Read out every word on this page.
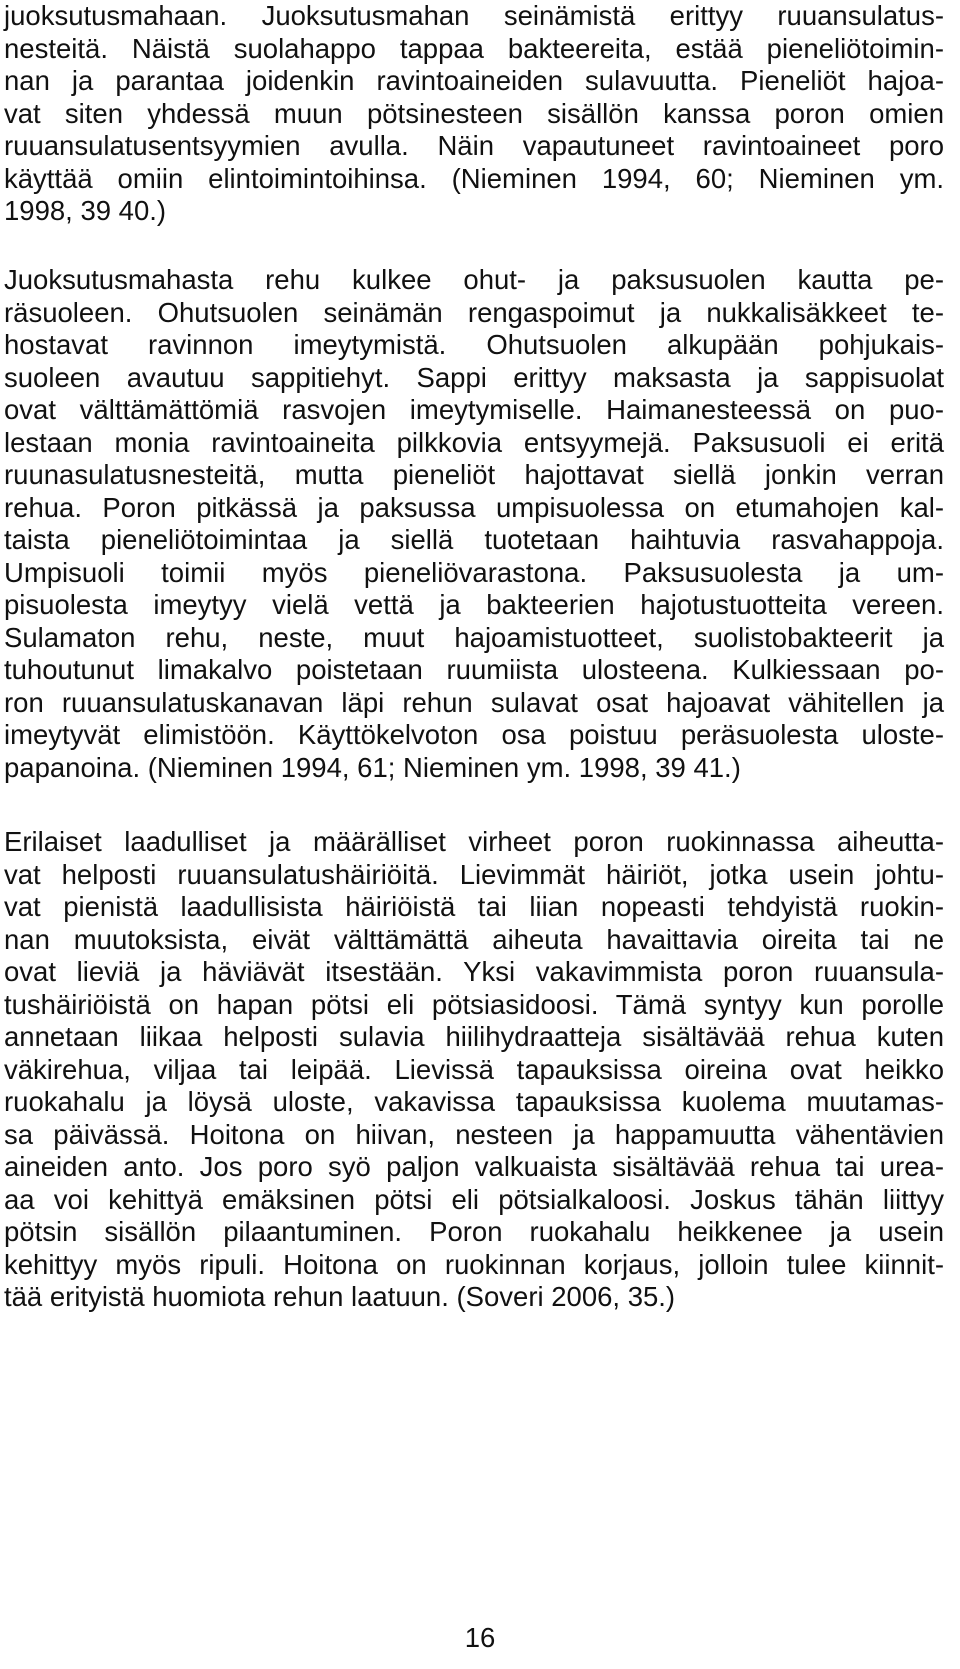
juoksutusmahaan. Juoksutusmahan seinämistä erittyy ruuansulatus-
nesteitä. Näistä suolahappo tappaa bakteereita, estää pieneliötoimin-
nan ja parantaa joidenkin ravintoaineiden sulavuutta. Pieneliöt hajoa-
vat siten yhdessä muun pötsinesteen sisällön kanssa poron omien
ruuansulatusentsyymien avulla. Näin vapautuneet ravintoaineet poro
käyttää omiin elintoimintoihinsa. (Nieminen 1994, 60; Nieminen ym.
1998, 39 40.)
Juoksutusmahasta rehu kulkee ohut- ja paksusuolen kautta pe-
räsuoleen. Ohutsuolen seinämän rengaspoimut ja nukkalisäkkeet te-
hostavat ravinnon imeytymistä. Ohutsuolen alkupään pohjukais-
suoleen avautuu sappitiehyt. Sappi erittyy maksasta ja sappisuolat
ovat välttämättömiä rasvojen imeytymiselle. Haimanesteessä on puo-
lestaan monia ravintoaineita pilkkovia entsyymejä. Paksusuoli ei eritä
ruunasulatusnesteitä, mutta pieneliöt hajottavat siellä jonkin verran
rehua. Poron pitkässä ja paksussa umpisuolessa on etumahojen kal-
taista pieneliötoimintaa ja siellä tuotetaan haihtuvia rasvahappoja.
Umpisuoli toimii myös pieneliövarastona. Paksusuolesta ja um-
pisuolesta imeytyy vielä vettä ja bakteerien hajotustuotteita vereen.
Sulamaton rehu, neste, muut hajoamistuotteet, suolistobakteerit ja
tuhoutunut limakalvo poistetaan ruumiista ulosteena. Kulkiessaan po-
ron ruuansulatuskanavan läpi rehun sulavat osat hajoavat vähitellen ja
imeytyvät elimistöön. Käyttökelvoton osa poistuu peräsuolesta uloste-
papanoina. (Nieminen 1994, 61; Nieminen ym. 1998, 39 41.)
Erilaiset laadulliset ja määrälliset virheet poron ruokinnassa aiheutta-
vat helposti ruuansulatushäiriöitä. Lievimmät häiriöt, jotka usein johtu-
vat pienistä laadullisista häiriöistä tai liian nopeasti tehdyistä ruokin-
nan muutoksista, eivät välttämättä aiheuta havaittavia oireita tai ne
ovat lieviä ja häviävät itsestään. Yksi vakavimmista poron ruuansula-
tushäiriöistä on hapan pötsi eli pötsiasidoosi. Tämä syntyy kun porolle
annetaan liikaa helposti sulavia hiilihydraatteja sisältävää rehua kuten
väkirehua, viljaa tai leipää. Lievissä tapauksissa oireina ovat heikko
ruokahalu ja löysä uloste, vakavissa tapauksissa kuolema muutamas-
sa päivässä. Hoitona on hiivan, nesteen ja happamuutta vähentävien
aineiden anto. Jos poro syö paljon valkuaista sisältävää rehua tai urea-
aa voi kehittyä emäksinen pötsi eli pötsialkaloosi. Joskus tähän liittyy
pötsin sisällön pilaantuminen. Poron ruokahalu heikkenee ja usein
kehittyy myös ripuli. Hoitona on ruokinnan korjaus, jolloin tulee kiinnit-
tää erityistä huomiota rehun laatuun. (Soveri 2006, 35.)
16
